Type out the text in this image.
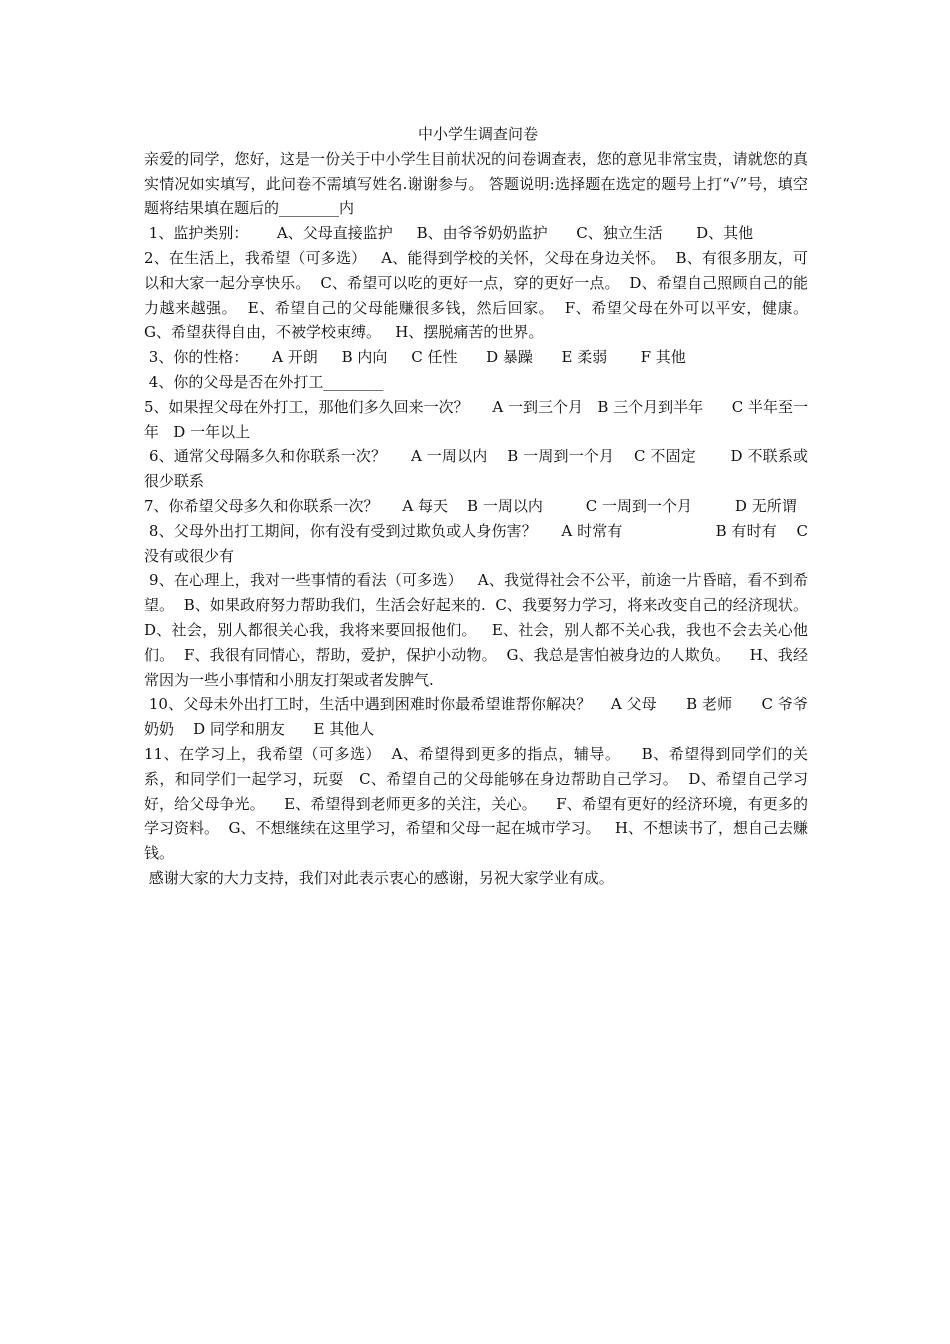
中小学生调查问卷

亲爱的同学，您好，这是一份关于中小学生目前状况的问卷调查表，您的意见非常宝贵，请就您的真实情况如实填写，此问卷不需填写姓名.谢谢参与。 答题说明:选择题在选定的题号上打“√”号，填空题将结果填在题后的________内

1、监护类别：      A、父母直接监护     B、由爷爷奶奶监护      C、独立生活       D、其他

2、在生活上，我希望（可多选）   A、能得到学校的关怀，父母在身边关怀。  B、有很多朋友，可以和大家一起分享快乐。  C、希望可以吃的更好一点，穿的更好一点。  D、希望自己照顾自己的能力越来越强。  E、希望自己的父母能赚很多钱，然后回家。  F、希望父母在外可以平安，健康。   G、希望获得自由，不被学校束缚。   H、摆脱痛苦的世界。

3、你的性格：     A 开朗     B 内向     C 任性      D 暴躁      E 柔弱       F 其他

4、你的父母是否在外打工________

5、如果捏父母在外打工，那他们多久回来一次？     A 一到三个月   B 三个月到半年      C 半年至一年   D 一年以上

6、通常父母隔多久和你联系一次？     A 一周以内    B 一周到一个月    C 不固定       D 不联系或很少联系

7、你希望父母多久和你联系一次？     A 每天    B 一周以内         C 一周到一个月         D 无所谓

8、父母外出打工期间，你有没有受到过欺负或人身伤害？     A 时常有                   B 有时有    C 没有或很少有

9、在心理上，我对一些事情的看法（可多选）   A、我觉得社会不公平，前途一片昏暗，看不到希望。  B、如果政府努力帮助我们，生活会好起来的.  C、我要努力学习，将来改变自己的经济现状。  D、社会，别人都很关心我，我将来要回报他们。   E、社会，别人都不关心我，我也不会去关心他们。  F、我很有同情心，帮助，爱护，保护小动物。  G、我总是害怕被身边的人欺负。    H、我经常因为一些小事情和小朋友打架或者发脾气.

10、父母未外出打工时，生活中遇到困难时你最希望谁帮你解决？    A 父母      B 老师      C 爷爷奶奶    D 同学和朋友      E 其他人

11、在学习上，我希望（可多选）  A、希望得到更多的指点，辅导。    B、希望得到同学们的关系，和同学们一起学习，玩耍   C、希望自己的父母能够在身边帮助自己学习。  D、希望自己学习好，给父母争光。    E、希望得到老师更多的关注，关心。    F、希望有更好的经济环境，有更多的学习资料。  G、不想继续在这里学习，希望和父母一起在城市学习。   H、不想读书了，想自己去赚钱。

感谢大家的大力支持，我们对此表示衷心的感谢，另祝大家学业有成。
